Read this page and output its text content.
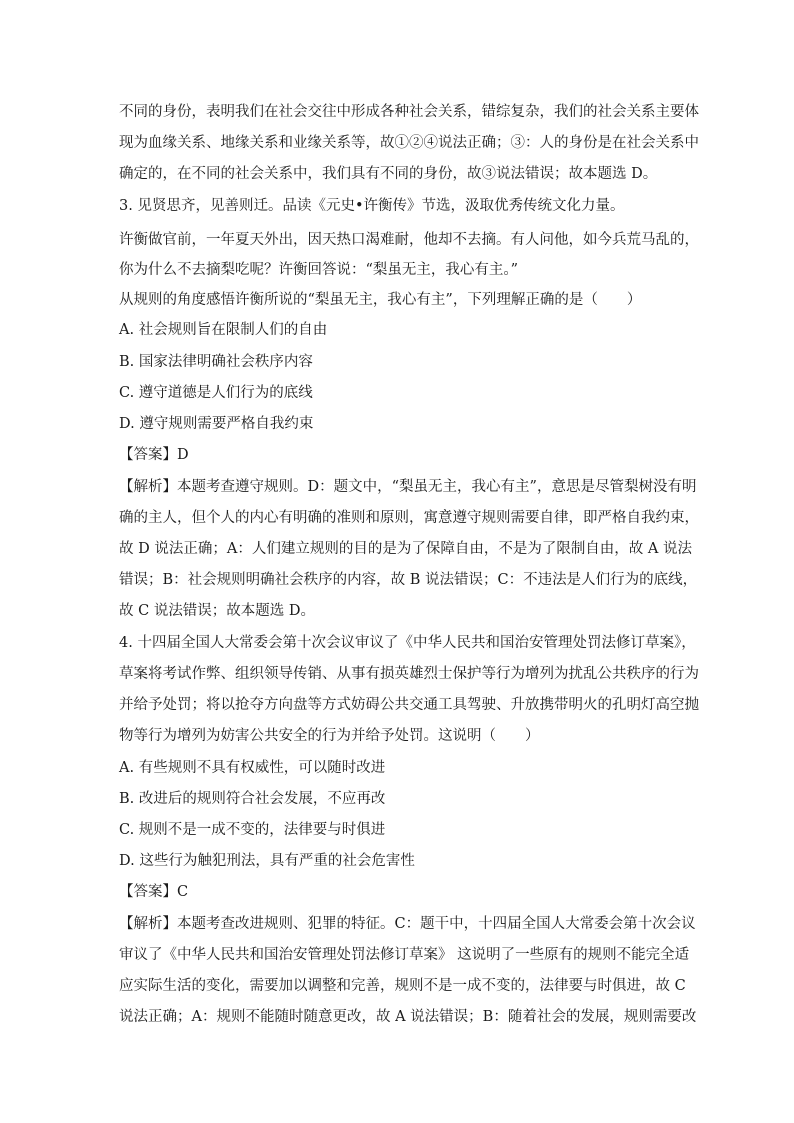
不同的身份，表明我们在社会交往中形成各种社会关系，错综复杂，我们的社会关系主要体
现为血缘关系、地缘关系和业缘关系等，故①②④说法正确；③：人的身份是在社会关系中
确定的，在不同的社会关系中，我们具有不同的身份，故③说法错误；故本题选 D。
3. 见贤思齐，见善则迁。品读《元史•许衡传》节选，汲取优秀传统文化力量。
许衡做官前，一年夏天外出，因天热口渴难耐，他却不去摘。有人问他，如今兵荒马乱的，
你为什么不去摘梨吃呢？许衡回答说：“梨虽无主，我心有主。”
从规则的角度感悟许衡所说的“梨虽无主，我心有主”，下列理解正确的是（　　）
A. 社会规则旨在限制人们的自由
B. 国家法律明确社会秩序内容
C. 遵守道德是人们行为的底线
D. 遵守规则需要严格自我约束
【答案】D
【解析】本题考查遵守规则。D：题文中，“梨虽无主，我心有主”，意思是尽管梨树没有明
确的主人，但个人的内心有明确的准则和原则，寓意遵守规则需要自律，即严格自我约束，
故 D 说法正确；A：人们建立规则的目的是为了保障自由，不是为了限制自由，故 A 说法
错误；B：社会规则明确社会秩序的内容，故 B 说法错误；C：不违法是人们行为的底线，
故 C 说法错误；故本题选 D。
4. 十四届全国人大常委会第十次会议审议了《中华人民共和国治安管理处罚法修订草案》，
草案将考试作弊、组织领导传销、从事有损英雄烈士保护等行为增列为扰乱公共秩序的行为
并给予处罚；将以抢夺方向盘等方式妨碍公共交通工具驾驶、升放携带明火的孔明灯高空抛
物等行为增列为妨害公共安全的行为并给予处罚。这说明（　　）
A. 有些规则不具有权威性，可以随时改进
B. 改进后的规则符合社会发展，不应再改
C. 规则不是一成不变的，法律要与时俱进
D. 这些行为触犯刑法，具有严重的社会危害性
【答案】C
【解析】本题考查改进规则、犯罪的特征。C：题干中，十四届全国人大常委会第十次会议
审议了《中华人民共和国治安管理处罚法修订草案》 这说明了一些原有的规则不能完全适
应实际生活的变化，需要加以调整和完善，规则不是一成不变的，法律要与时俱进，故 C
说法正确；A：规则不能随时随意更改，故 A 说法错误；B：随着社会的发展，规则需要改
